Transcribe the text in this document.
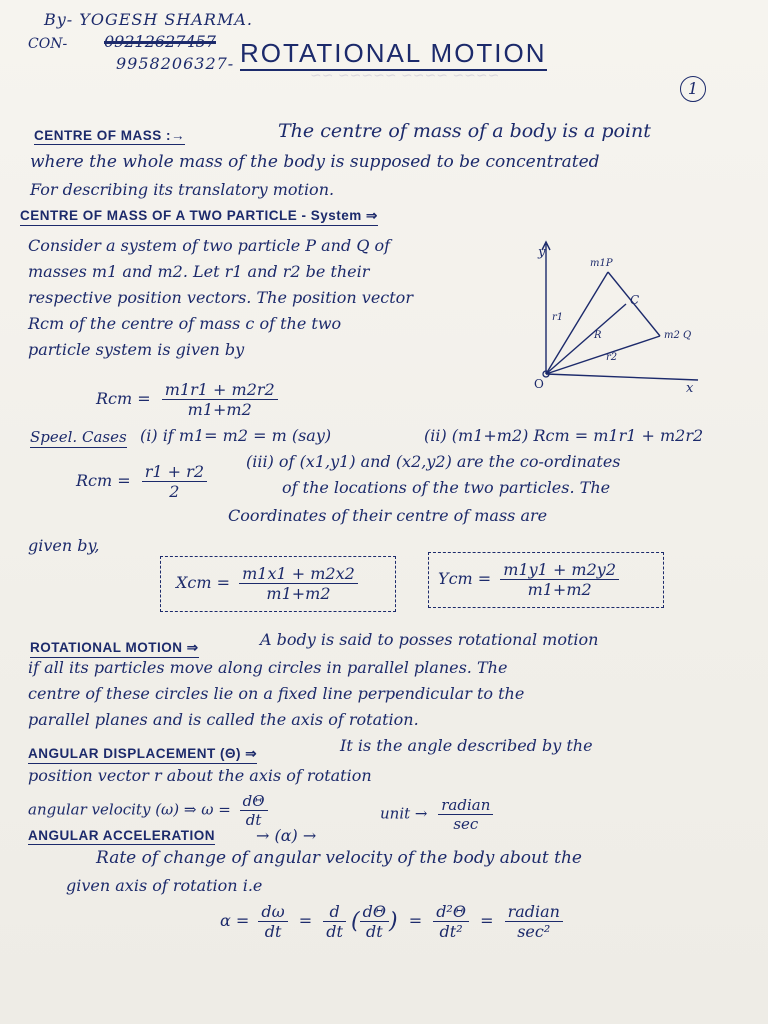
~~~~ ~~~~ ~~~~~ ~~
By- YOGESH SHARMA.
CON- 09212627457
9958206327- ROTATIONAL MOTION
1
CENTRE OF MASS :→	The centre of mass of a body is a point
where the whole mass of the body is supposed to be concentrated
For describing its translatory motion.
CENTRE OF MASS OF A TWO PARTICLE - System ⇒
Consider a system of two particle P and Q of
masses m1 and m2. Let r1 and r2 be their
respective position vectors. The position vector
Rcm of the centre of mass c of the two
particle system is given by
Rcm = $\frac{m1r1 + m2r2}{m1+m2}$
y
x
O
m1P
C
m2 Q
r1
r2
R
Speel. Cases (i) if m1= m2 = m (say)	(ii) (m1+m2) Rcm = m1r1 + m2r2
Rcm = $\frac{r1 + r2}{2}$
(iii) of (x1,y1) and (x2,y2) are the co-ordinates
of the locations of the two particles. The
Coordinates of their centre of mass are
given by,
Xcm = $\frac{m1x1 + m2x2}{m1+m2}$	Ycm = $\frac{m1y1 + m2y2}{m1+m2}$
ROTATIONAL MOTION ⇒	A body is said to posses rotational motion
if all its particles move along circles in parallel planes. The
centre of these circles lie on a fixed line perpendicular to the
parallel planes and is called the axis of rotation.
ANGULAR DISPLACEMENT (Θ) ⇒	It is the angle described by the
position vector r about the axis of rotation
angular velocity (ω) ⇒ $\omega = \frac{d\Theta}{dt}$	unit → $\frac{\text{radian}}{\sec}$
ANGULAR ACCELERATION	→ (α) →
Rate of change of angular velocity of the body about the
given axis of rotation i.e
$\alpha = \frac{d\omega}{dt} = \frac{d}{dt}$ ( $\frac{d\Theta}{dt}$ ) = $\frac{\text{d²Θ}}{\text{dt²}} = \frac{\text{radian}}{\text{sec²}}$
